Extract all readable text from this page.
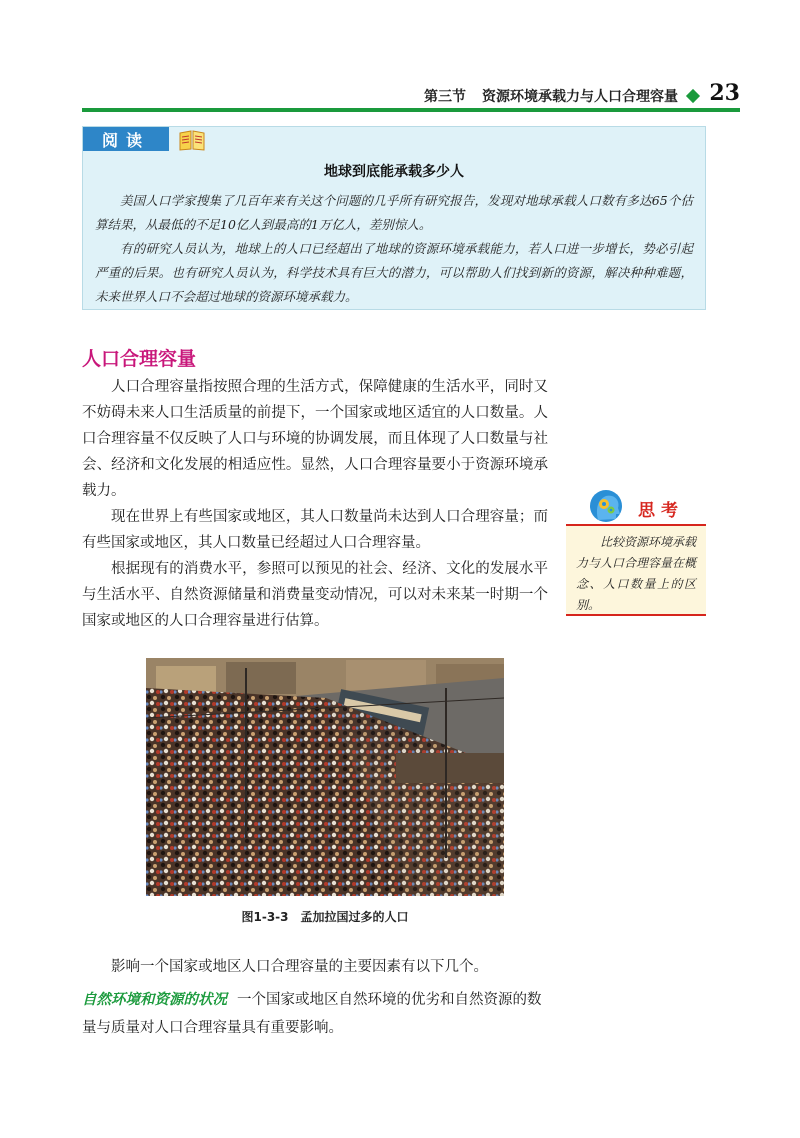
第三节 资源环境承载力与人口合理容量 23
阅读
地球到底能承载多少人

美国人口学家搜集了几百年来有关这个问题的几乎所有研究报告，发现对地球承载人口数有多达65个估算结果，从最低的不足10亿人到最高的1万亿人，差别惊人。

有的研究人员认为，地球上的人口已经超出了地球的资源环境承载能力，若人口进一步增长，势必引起严重的后果。也有研究人员认为，科学技术具有巨大的潜力，可以帮助人们找到新的资源，解决种种难题，未来世界人口不会超过地球的资源环境承载力。

人口合理容量

人口合理容量指按照合理的生活方式，保障健康的生活水平，同时又不妨碍未来人口生活质量的前提下，一个国家或地区适宜的人口数量。人口合理容量不仅反映了人口与环境的协调发展，而且体现了人口数量与社会、经济和文化发展的相适应性。显然，人口合理容量要小于资源环境承载力。

现在世界上有些国家或地区，其人口数量尚未达到人口合理容量；而有些国家或地区，其人口数量已经超过人口合理容量。

根据现有的消费水平，参照可以预见的社会、经济、文化的发展水平与生活水平、自然资源储量和消费量变动情况，可以对未来某一时期一个国家或地区的人口合理容量进行估算。

思考

比较资源环境承载力与人口合理容量在概念、人口数量上的区别。

图1-3-3 孟加拉国过多的人口

影响一个国家或地区人口合理容量的主要因素有以下几个。

自然环境和资源的状况 一个国家或地区自然环境的优劣和自然资源的数量与质量对人口合理容量具有重要影响。
